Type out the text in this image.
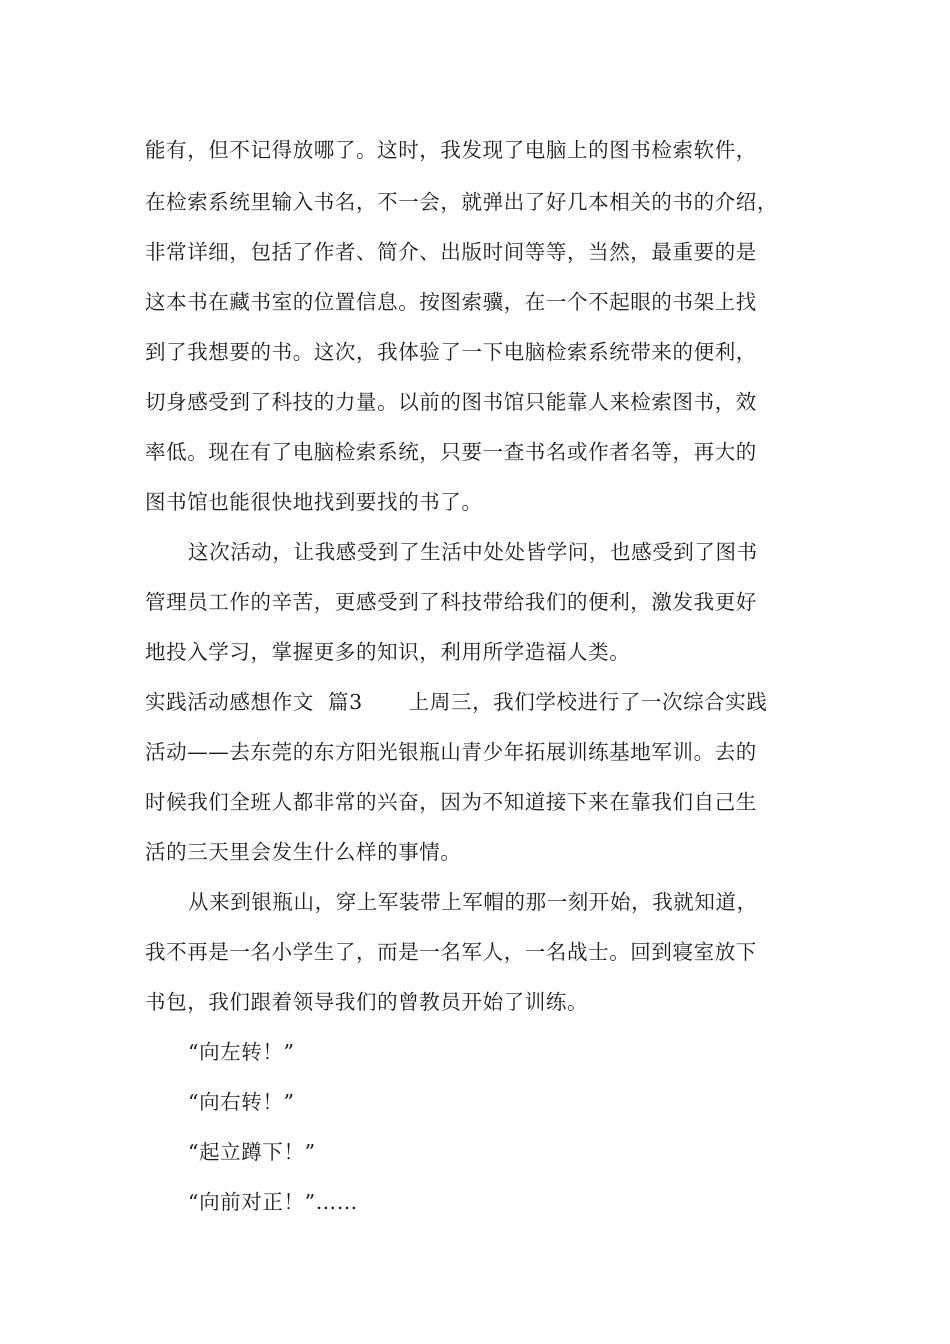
能有，但不记得放哪了。这时，我发现了电脑上的图书检索软件，
在检索系统里输入书名，不一会，就弹出了好几本相关的书的介绍，
非常详细，包括了作者、简介、出版时间等等，当然，最重要的是
这本书在藏书室的位置信息。按图索骥，在一个不起眼的书架上找
到了我想要的书。这次，我体验了一下电脑检索系统带来的便利，
切身感受到了科技的力量。以前的图书馆只能靠人来检索图书，效
率低。现在有了电脑检索系统，只要一查书名或作者名等，再大的
图书馆也能很快地找到要找的书了。
这次活动，让我感受到了生活中处处皆学问，也感受到了图书
管理员工作的辛苦，更感受到了科技带给我们的便利，激发我更好
地投入学习，掌握更多的知识，利用所学造福人类。
实践活动感想作文  篇3 上周三，我们学校进行了一次综合实践
活动——去东莞的东方阳光银瓶山青少年拓展训练基地军训。去的
时候我们全班人都非常的兴奋，因为不知道接下来在靠我们自己生
活的三天里会发生什么样的事情。
从来到银瓶山，穿上军装带上军帽的那一刻开始，我就知道，
我不再是一名小学生了，而是一名军人，一名战士。回到寝室放下
书包，我们跟着领导我们的曾教员开始了训练。
“向左转！”
“向右转！”
“起立蹲下！”
“向前对正！”……
